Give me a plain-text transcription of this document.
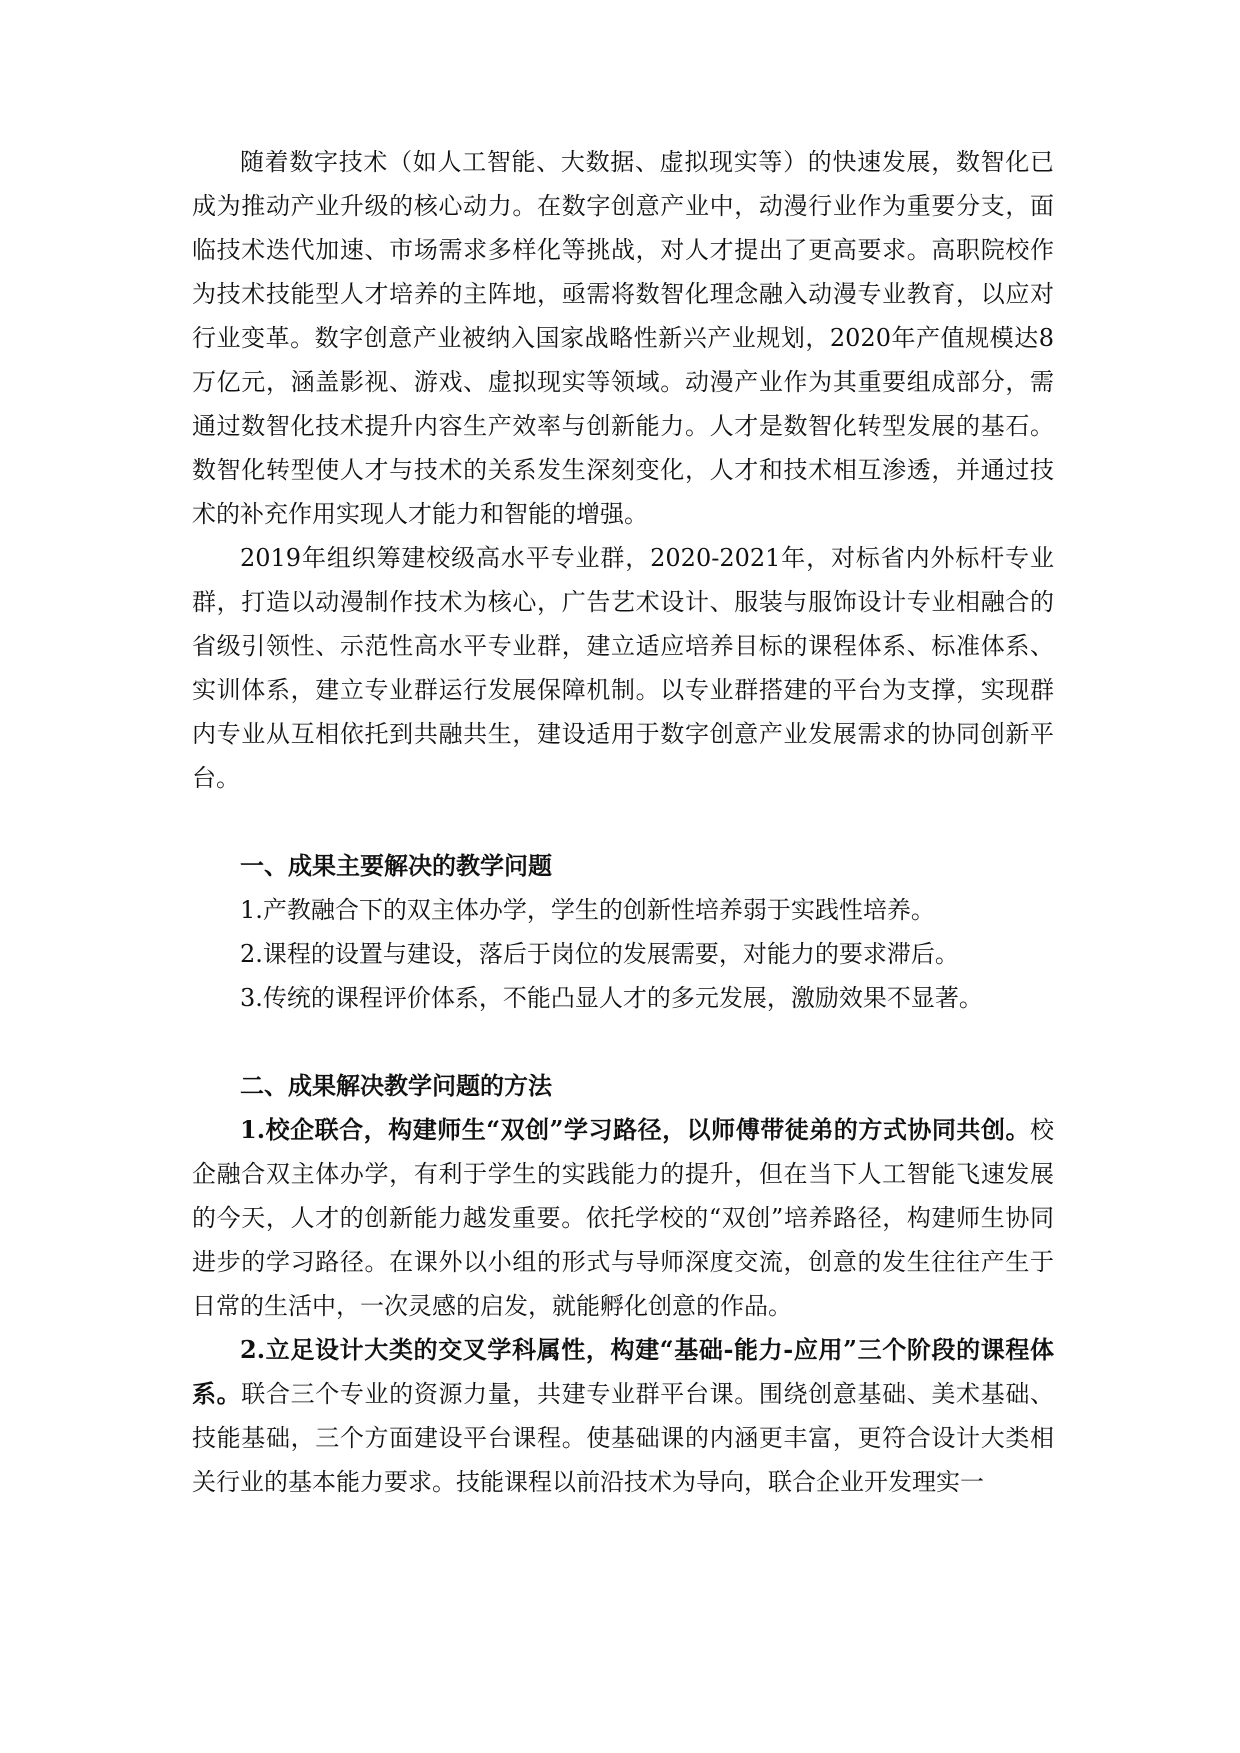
随着数字技术（如人工智能、大数据、虚拟现实等）的快速发展，数智化已成为推动产业升级的核心动力。在数字创意产业中，动漫行业作为重要分支，面临技术迭代加速、市场需求多样化等挑战，对人才提出了更高要求。高职院校作为技术技能型人才培养的主阵地，亟需将数智化理念融入动漫专业教育，以应对行业变革。数字创意产业被纳入国家战略性新兴产业规划，2020年产值规模达8万亿元，涵盖影视、游戏、虚拟现实等领域。动漫产业作为其重要组成部分，需通过数智化技术提升内容生产效率与创新能力。人才是数智化转型发展的基石。数智化转型使人才与技术的关系发生深刻变化，人才和技术相互渗透，并通过技术的补充作用实现人才能力和智能的增强。

2019年组织筹建校级高水平专业群，2020-2021年，对标省内外标杆专业群，打造以动漫制作技术为核心，广告艺术设计、服装与服饰设计专业相融合的省级引领性、示范性高水平专业群，建立适应培养目标的课程体系、标准体系、实训体系，建立专业群运行发展保障机制。以专业群搭建的平台为支撑，实现群内专业从互相依托到共融共生，建设适用于数字创意产业发展需求的协同创新平台。

一、成果主要解决的教学问题

1.产教融合下的双主体办学，学生的创新性培养弱于实践性培养。

2.课程的设置与建设，落后于岗位的发展需要，对能力的要求滞后。

3.传统的课程评价体系，不能凸显人才的多元发展，激励效果不显著。

二、成果解决教学问题的方法

1.校企联合，构建师生“双创”学习路径，以师傅带徒弟的方式协同共创。校企融合双主体办学，有利于学生的实践能力的提升，但在当下人工智能飞速发展的今天，人才的创新能力越发重要。依托学校的“双创”培养路径，构建师生协同进步的学习路径。在课外以小组的形式与导师深度交流，创意的发生往往产生于日常的生活中，一次灵感的启发，就能孵化创意的作品。

2.立足设计大类的交叉学科属性，构建“基础-能力-应用”三个阶段的课程体系。联合三个专业的资源力量，共建专业群平台课。围绕创意基础、美术基础、技能基础，三个方面建设平台课程。使基础课的内涵更丰富，更符合设计大类相关行业的基本能力要求。技能课程以前沿技术为导向，联合企业开发理实一
